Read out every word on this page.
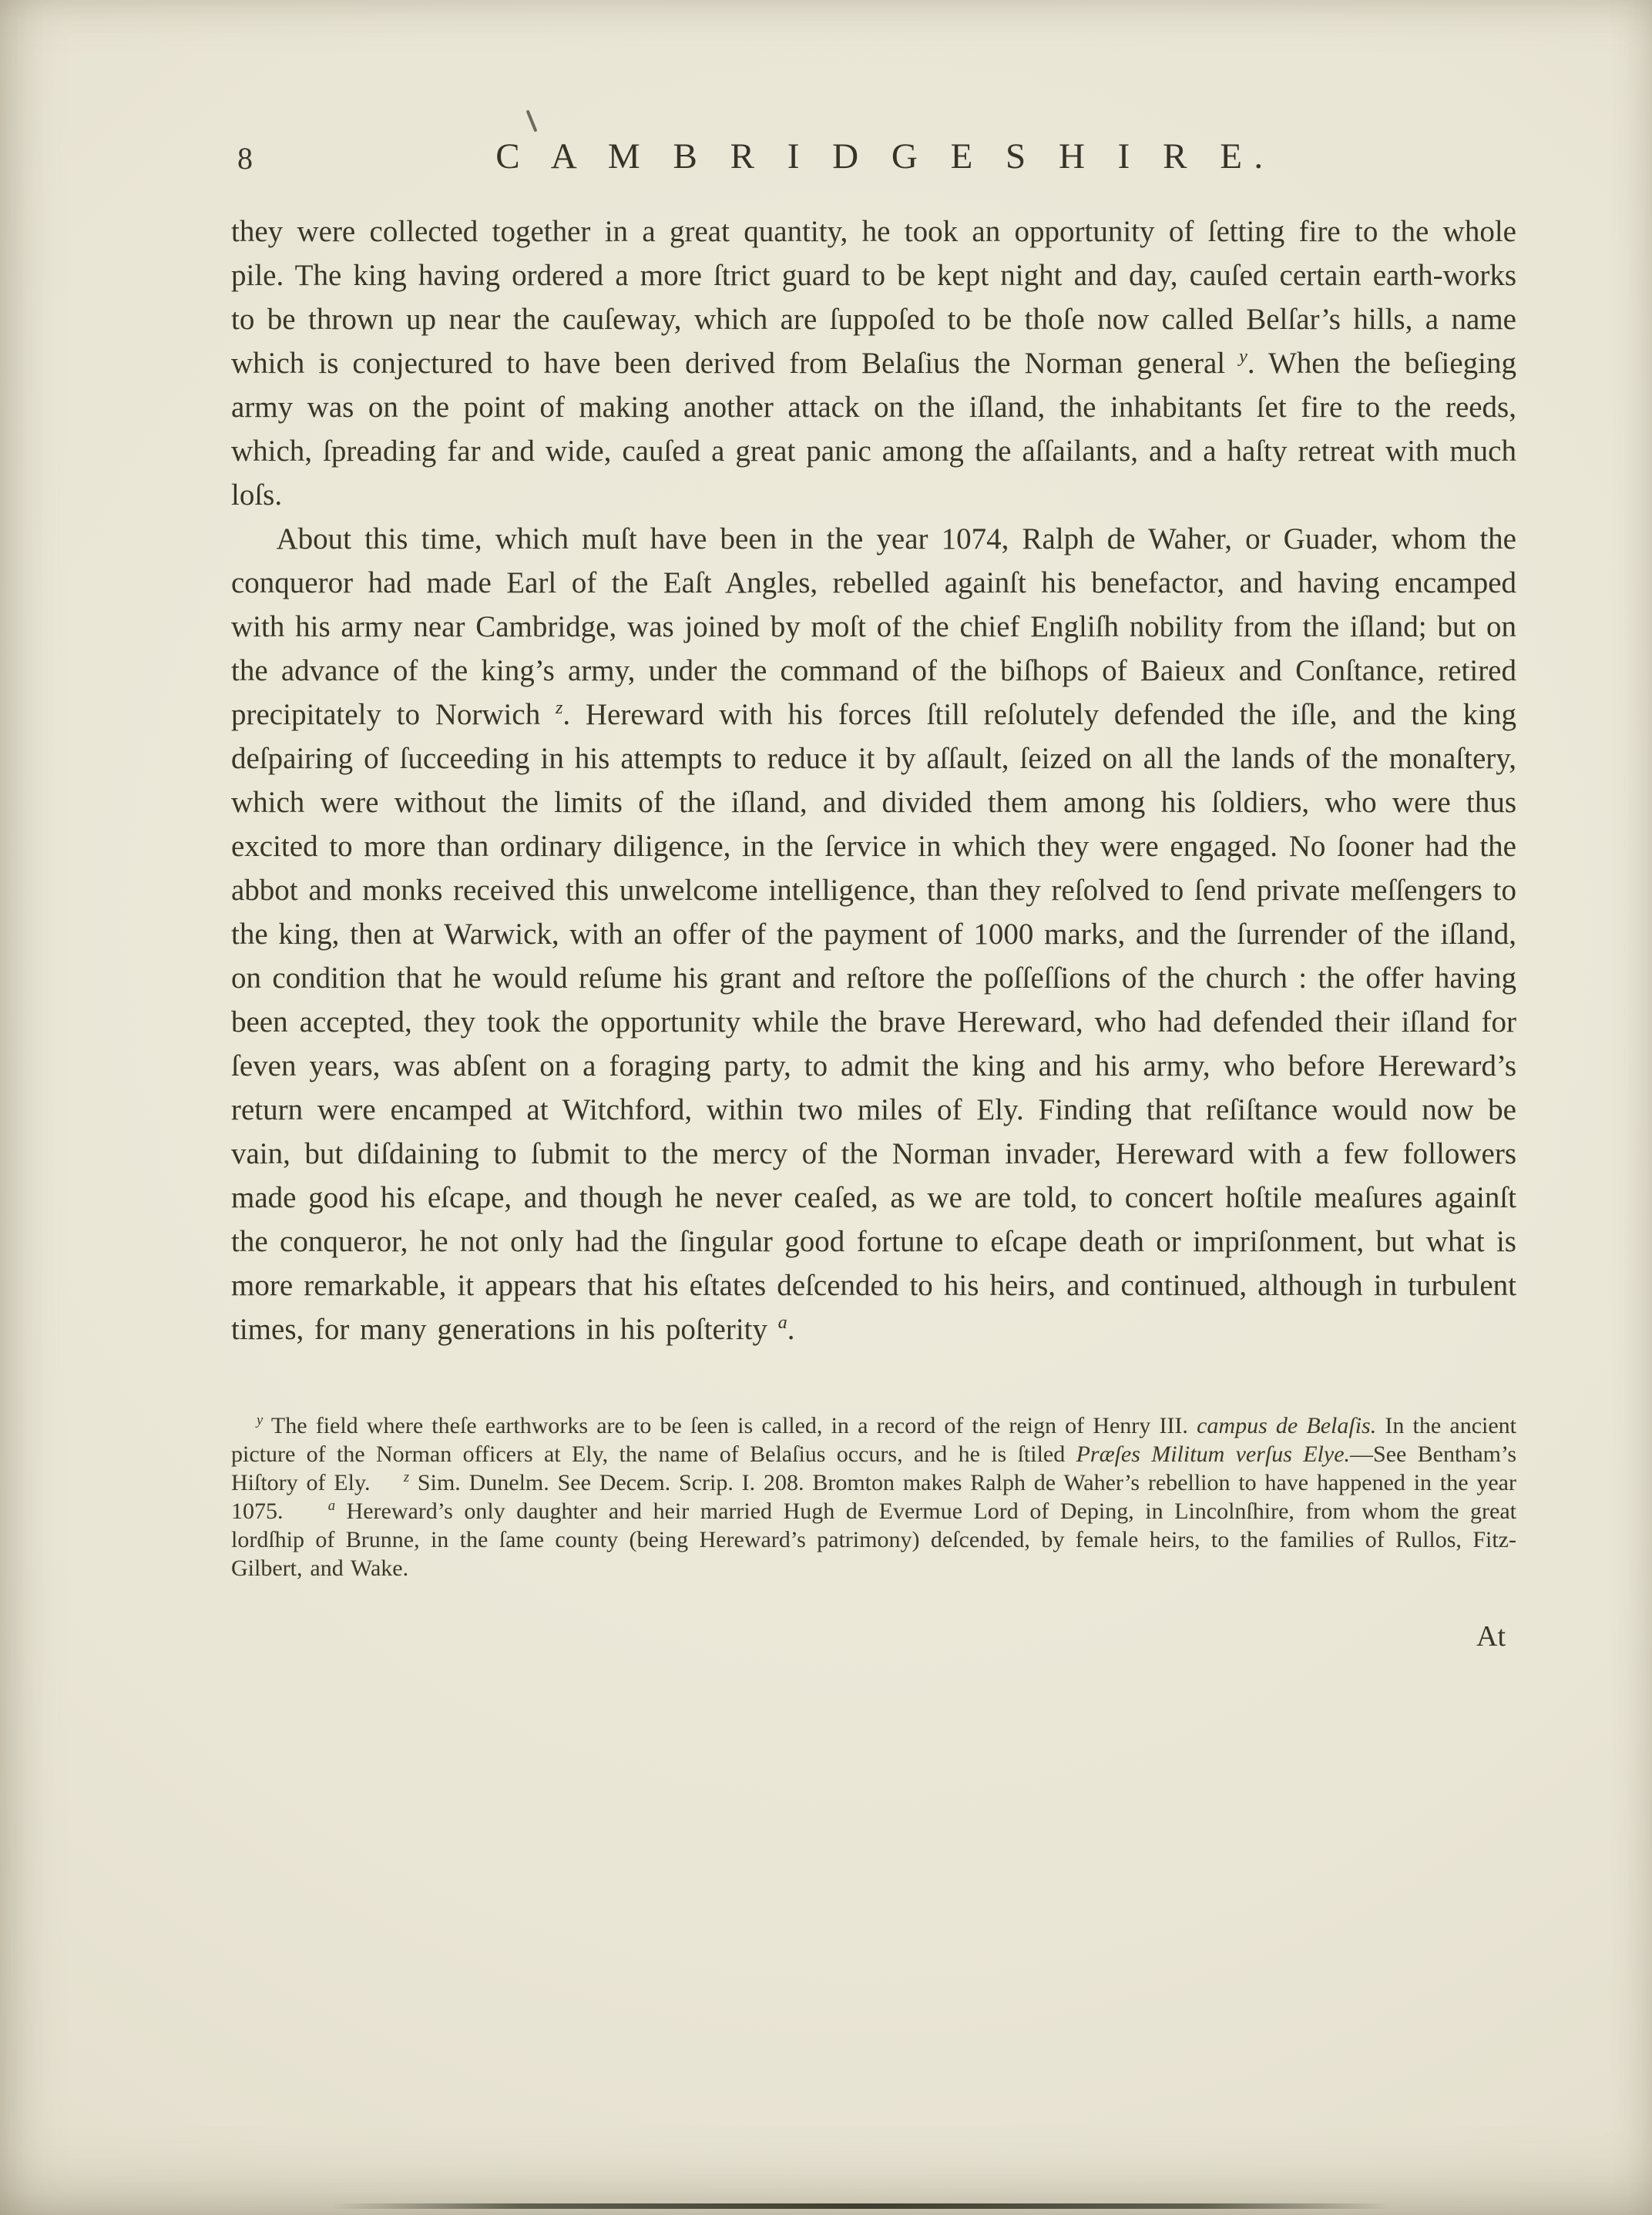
8	C A M B R I D G E S H I R E.

they were collected together in a great quantity, he took an opportunity of ſetting fire to the whole pile. The king having ordered a more ſtrict guard to be kept night and day, cauſed certain earth-works to be thrown up near the cauſeway, which are ſuppoſed to be thoſe now called Belſar’s hills, a name which is conjectured to have been derived from Belaſius the Norman general $^y$. When the beſieging army was on the point of making another attack on the iſland, the inhabitants ſet fire to the reeds, which, ſpreading far and wide, cauſed a great panic among the aſſailants, and a haſty retreat with much loſs.

About this time, which muſt have been in the year 1074, Ralph de Waher, or Guader, whom the conqueror had made Earl of the Eaſt Angles, rebelled againſt his benefactor, and having encamped with his army near Cambridge, was joined by moſt of the chief Engliſh nobility from the iſland; but on the advance of the king’s army, under the command of the biſhops of Baieux and Conſtance, retired precipitately to Norwich $^z$. Hereward with his forces ſtill reſolutely defended the iſle, and the king deſpairing of ſucceeding in his attempts to reduce it by aſſault, ſeized on all the lands of the monaſtery, which were without the limits of the iſland, and divided them among his ſoldiers, who were thus excited to more than ordinary diligence, in the ſervice in which they were engaged. No ſooner had the abbot and monks received this unwelcome intelligence, than they reſolved to ſend private meſſengers to the king, then at Warwick, with an offer of the payment of 1000 marks, and the ſurrender of the iſland, on condition that he would reſume his grant and reſtore the poſſeſſions of the church : the offer having been accepted, they took the opportunity while the brave Hereward, who had defended their iſland for ſeven years, was abſent on a foraging party, to admit the king and his army, who before Hereward’s return were encamped at Witchford, within two miles of Ely. Finding that reſiſtance would now be vain, but diſdaining to ſubmit to the mercy of the Norman invader, Hereward with a few followers made good his eſcape, and though he never ceaſed, as we are told, to concert hoſtile meaſures againſt the conqueror, he not only had the ſingular good fortune to eſcape death or impriſonment, but what is more remarkable, it appears that his eſtates deſcended to his heirs, and continued, although in turbulent times, for many generations in his poſterity $^a$.

$^y$ The field where theſe earthworks are to be ſeen is called, in a record of the reign of Henry III. campus de Belaſis. In the ancient picture of the Norman officers at Ely, the name of Belaſius occurs, and he is ſtiled Præſes Militum verſus Elye.—See Bentham’s Hiſtory of Ely.    $^z$ Sim. Dunelm. See Decem. Scrip. I. 208. Bromton makes Ralph de Waher’s rebellion to have happened in the year 1075.    $^a$ Hereward’s only daughter and heir married Hugh de Evermue Lord of Deping, in Lincolnſhire, from whom the great lordſhip of Brunne, in the ſame county (being Hereward’s patrimony) deſcended, by female heirs, to the families of Rullos, Fitz-Gilbert, and Wake.
At
